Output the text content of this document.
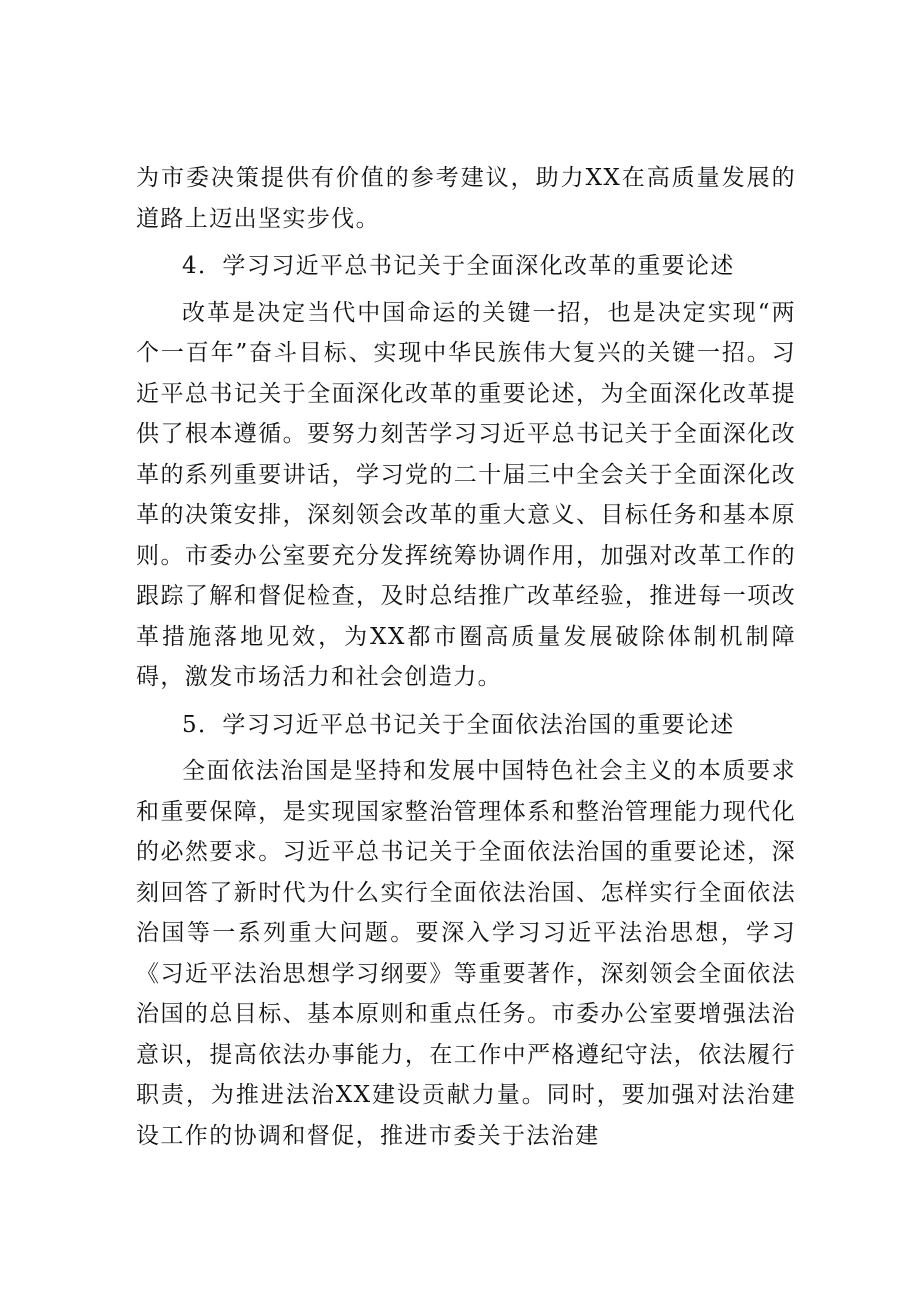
为市委决策提供有价值的参考建议，助力XX在高质量发展的道路上迈出坚实步伐。

4．学习习近平总书记关于全面深化改革的重要论述

改革是决定当代中国命运的关键一招，也是决定实现“两个一百年”奋斗目标、实现中华民族伟大复兴的关键一招。习近平总书记关于全面深化改革的重要论述，为全面深化改革提供了根本遵循。要努力刻苦学习习近平总书记关于全面深化改革的系列重要讲话，学习党的二十届三中全会关于全面深化改革的决策安排，深刻领会改革的重大意义、目标任务和基本原则。市委办公室要充分发挥统筹协调作用，加强对改革工作的跟踪了解和督促检查，及时总结推广改革经验，推进每一项改革措施落地见效，为XX都市圈高质量发展破除体制机制障碍，激发市场活力和社会创造力。

5．学习习近平总书记关于全面依法治国的重要论述

全面依法治国是坚持和发展中国特色社会主义的本质要求和重要保障，是实现国家整治管理体系和整治管理能力现代化的必然要求。习近平总书记关于全面依法治国的重要论述，深刻回答了新时代为什么实行全面依法治国、怎样实行全面依法治国等一系列重大问题。要深入学习习近平法治思想，学习《习近平法治思想学习纲要》等重要著作，深刻领会全面依法治国的总目标、基本原则和重点任务。市委办公室要增强法治意识，提高依法办事能力，在工作中严格遵纪守法，依法履行职责，为推进法治XX建设贡献力量。同时，要加强对法治建设工作的协调和督促，推进市委关于法治建
